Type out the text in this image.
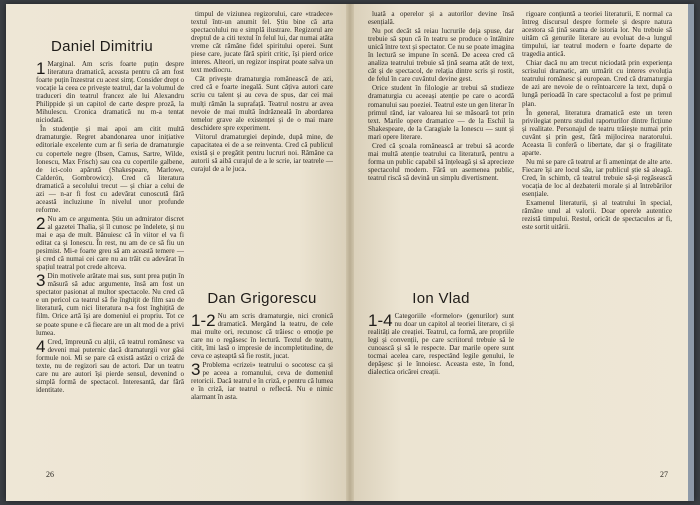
Daniel Dimitriu

1 Marginal. Am scris foarte puțin despre literatura dramatică, aceasta pentru că am fost foarte puțin înzestrat cu acest simț. Consider drept o vocație la ceea ce privește teatrul, dar la volumul de traduceri din teatrul francez ale lui Alexandru Philippide și un capitol de carte despre proză, la Mihulescu. Cronica dramatică nu m-a tentat niciodată.

În studenție și mai apoi am citit multă dramaturgie. Regret abandonarea unor inițiative editoriale excelente cum ar fi seria de dramaturgie cu copertele negre (Ibsen, Camus, Sartre, Wilde, Ionescu, Max Frisch) sau cea cu copertile galbene, de ici-colo apărută (Shakespeare, Marlowe, Calderón, Gombrowicz). Cred că literatura dramatică a secolului trecut — și chiar a celui de azi — n-ar fi fost cu adevărat cunoscută fără această incluziune în nivelul unor profunde reforme.

2 Nu am ce argumenta. Știu un admirator discret al gazetei Thalia, și îl cunosc pe îndelete, și nu mai e așa de mult. Bănuiesc că în viitor el va fi editat ca și Ionescu. În rest, nu am de ce să fiu un pesimist. Mi-e foarte greu să am această temere — și cred că numai cei care nu au trăit cu adevărat în spațiul teatral pot crede altceva.

3 Din motivele arătate mai sus, sunt prea puțin în măsură să aduc argumente, însă am fost un spectator pasionat al multor spectacole. Nu cred că e un pericol ca teatrul să fie înghițit de film sau de literatură, cum nici literatura n-a fost înghițită de film. Orice artă își are domeniul ei propriu. Tot ce se poate spune e că fiecare are un alt mod de a privi lumea.

4 Cred, împreună cu alții, că teatrul românesc va deveni mai puternic dacă dramaturgii vor găsi formule noi. Mi se pare că există astăzi o criză de texte, nu de regizori sau de actori. Dar un teatru care nu are autori își pierde sensul, devenind o simplă formă de spectacol. Interesantă, dar fără identitate.

timpul de viziunea regizorului, care «tradece» textul într-un anumit fel. Știu bine că arta spectacolului nu e simplă ilustrare. Regizorul are dreptul de a citi textul în felul lui, dar numai atâta vreme cât rămâne fidel spiritului operei. Sunt piese care, jucate fără spirit critic, își pierd orice interes. Alteori, un regizor inspirat poate salva un text mediocru.

Cât privește dramaturgia românească de azi, cred că e foarte inegală. Sunt câțiva autori care scriu cu talent și au ceva de spus, dar cei mai mulți rămân la suprafață. Teatrul nostru ar avea nevoie de mai multă îndrăzneală în abordarea temelor grave ale existenței și de o mai mare deschidere spre experiment.

Viitorul dramaturgiei depinde, după mine, de capacitatea ei de a se reinventa. Cred că publicul există și e pregătit pentru lucruri noi. Rămâne ca autorii să aibă curajul de a le scrie, iar teatrele — curajul de a le juca.

Dan Grigorescu

1-2 Nu am scris dramaturgie, nici cronică dramatică. Mergând la teatru, de cele mai multe ori, recunosc că trăiesc o emoție pe care nu o regăsesc în lectură. Textul de teatru, citit, îmi lasă o impresie de incompletitudine, de ceva ce așteaptă să fie rostit, jucat.

3 Problema «crizei» teatrului o socotesc ca și pe aceea a romanului, ceva de domeniul retoricii. Dacă teatrul e în criză, e pentru că lumea e în criză, iar teatrul o reflectă. Nu e nimic alarmant în asta.

26

luată a operelor și a autorilor devine însă esențială.

Nu pot decât să reiau lucrurile deja spuse, dar trebuie să spun că în teatru se produce o întâlnire unică între text și spectator. Ce nu se poate imagina în lectură se impune în scenă. De aceea cred că analiza teatrului trebuie să țină seama atât de text, cât și de spectacol, de relația dintre scris și rostit, de felul în care cuvântul devine gest.

Orice student în filologie ar trebui să studieze dramaturgia cu aceeași atenție pe care o acordă romanului sau poeziei. Teatrul este un gen literar în primul rând, iar valoarea lui se măsoară tot prin text. Marile opere dramatice — de la Eschil la Shakespeare, de la Caragiale la Ionescu — sunt și mari opere literare.

Cred că școala românească ar trebui să acorde mai multă atenție teatrului ca literatură, pentru a forma un public capabil să înțeleagă și să aprecieze spectacolul modern. Fără un asemenea public, teatrul riscă să devină un simplu divertisment.

Ion Vlad

1-4 Categoriile «formelor» (genurilor) sunt nu doar un capitol al teoriei literare, ci și realități ale creației. Teatrul, ca formă, are propriile legi și convenții, pe care scriitorul trebuie să le cunoască și să le respecte. Dar marile opere sunt tocmai acelea care, respectând legile genului, le depășesc și le înnoiesc. Aceasta este, în fond, dialectica oricărei creații.

rigoare conțiuntă a teoriei literaturii, E normal ca întreg discursul despre formele și despre natura acestora să țină seama de istoria lor. Nu trebuie să uităm că genurile literare au evoluat de-a lungul timpului, iar teatrul modern e foarte departe de tragedia antică.

Chiar dacă nu am trecut niciodată prin experiența scrisului dramatic, am urmărit cu interes evoluția teatrului românesc și european. Cred că dramaturgia de azi are nevoie de o reîntoarcere la text, după o lungă perioadă în care spectacolul a fost pe primul plan.

În general, literatura dramatică este un teren privilegiat pentru studiul raporturilor dintre ficțiune și realitate. Personajul de teatru trăiește numai prin cuvânt și prin gest, fără mijlocirea naratorului. Aceasta îi conferă o libertate, dar și o fragilitate aparte.

Nu mi se pare că teatrul ar fi amenințat de alte arte. Fiecare își are locul său, iar publicul știe să aleagă. Cred, în schimb, că teatrul trebuie să-și regăsească vocația de loc al dezbaterii morale și al întrebărilor esențiale.

Examenul literaturii, și al teatrului în special, rămâne unul al valorii. Doar operele autentice rezistă timpului. Restul, oricât de spectaculos ar fi, este sortit uitării.

27
